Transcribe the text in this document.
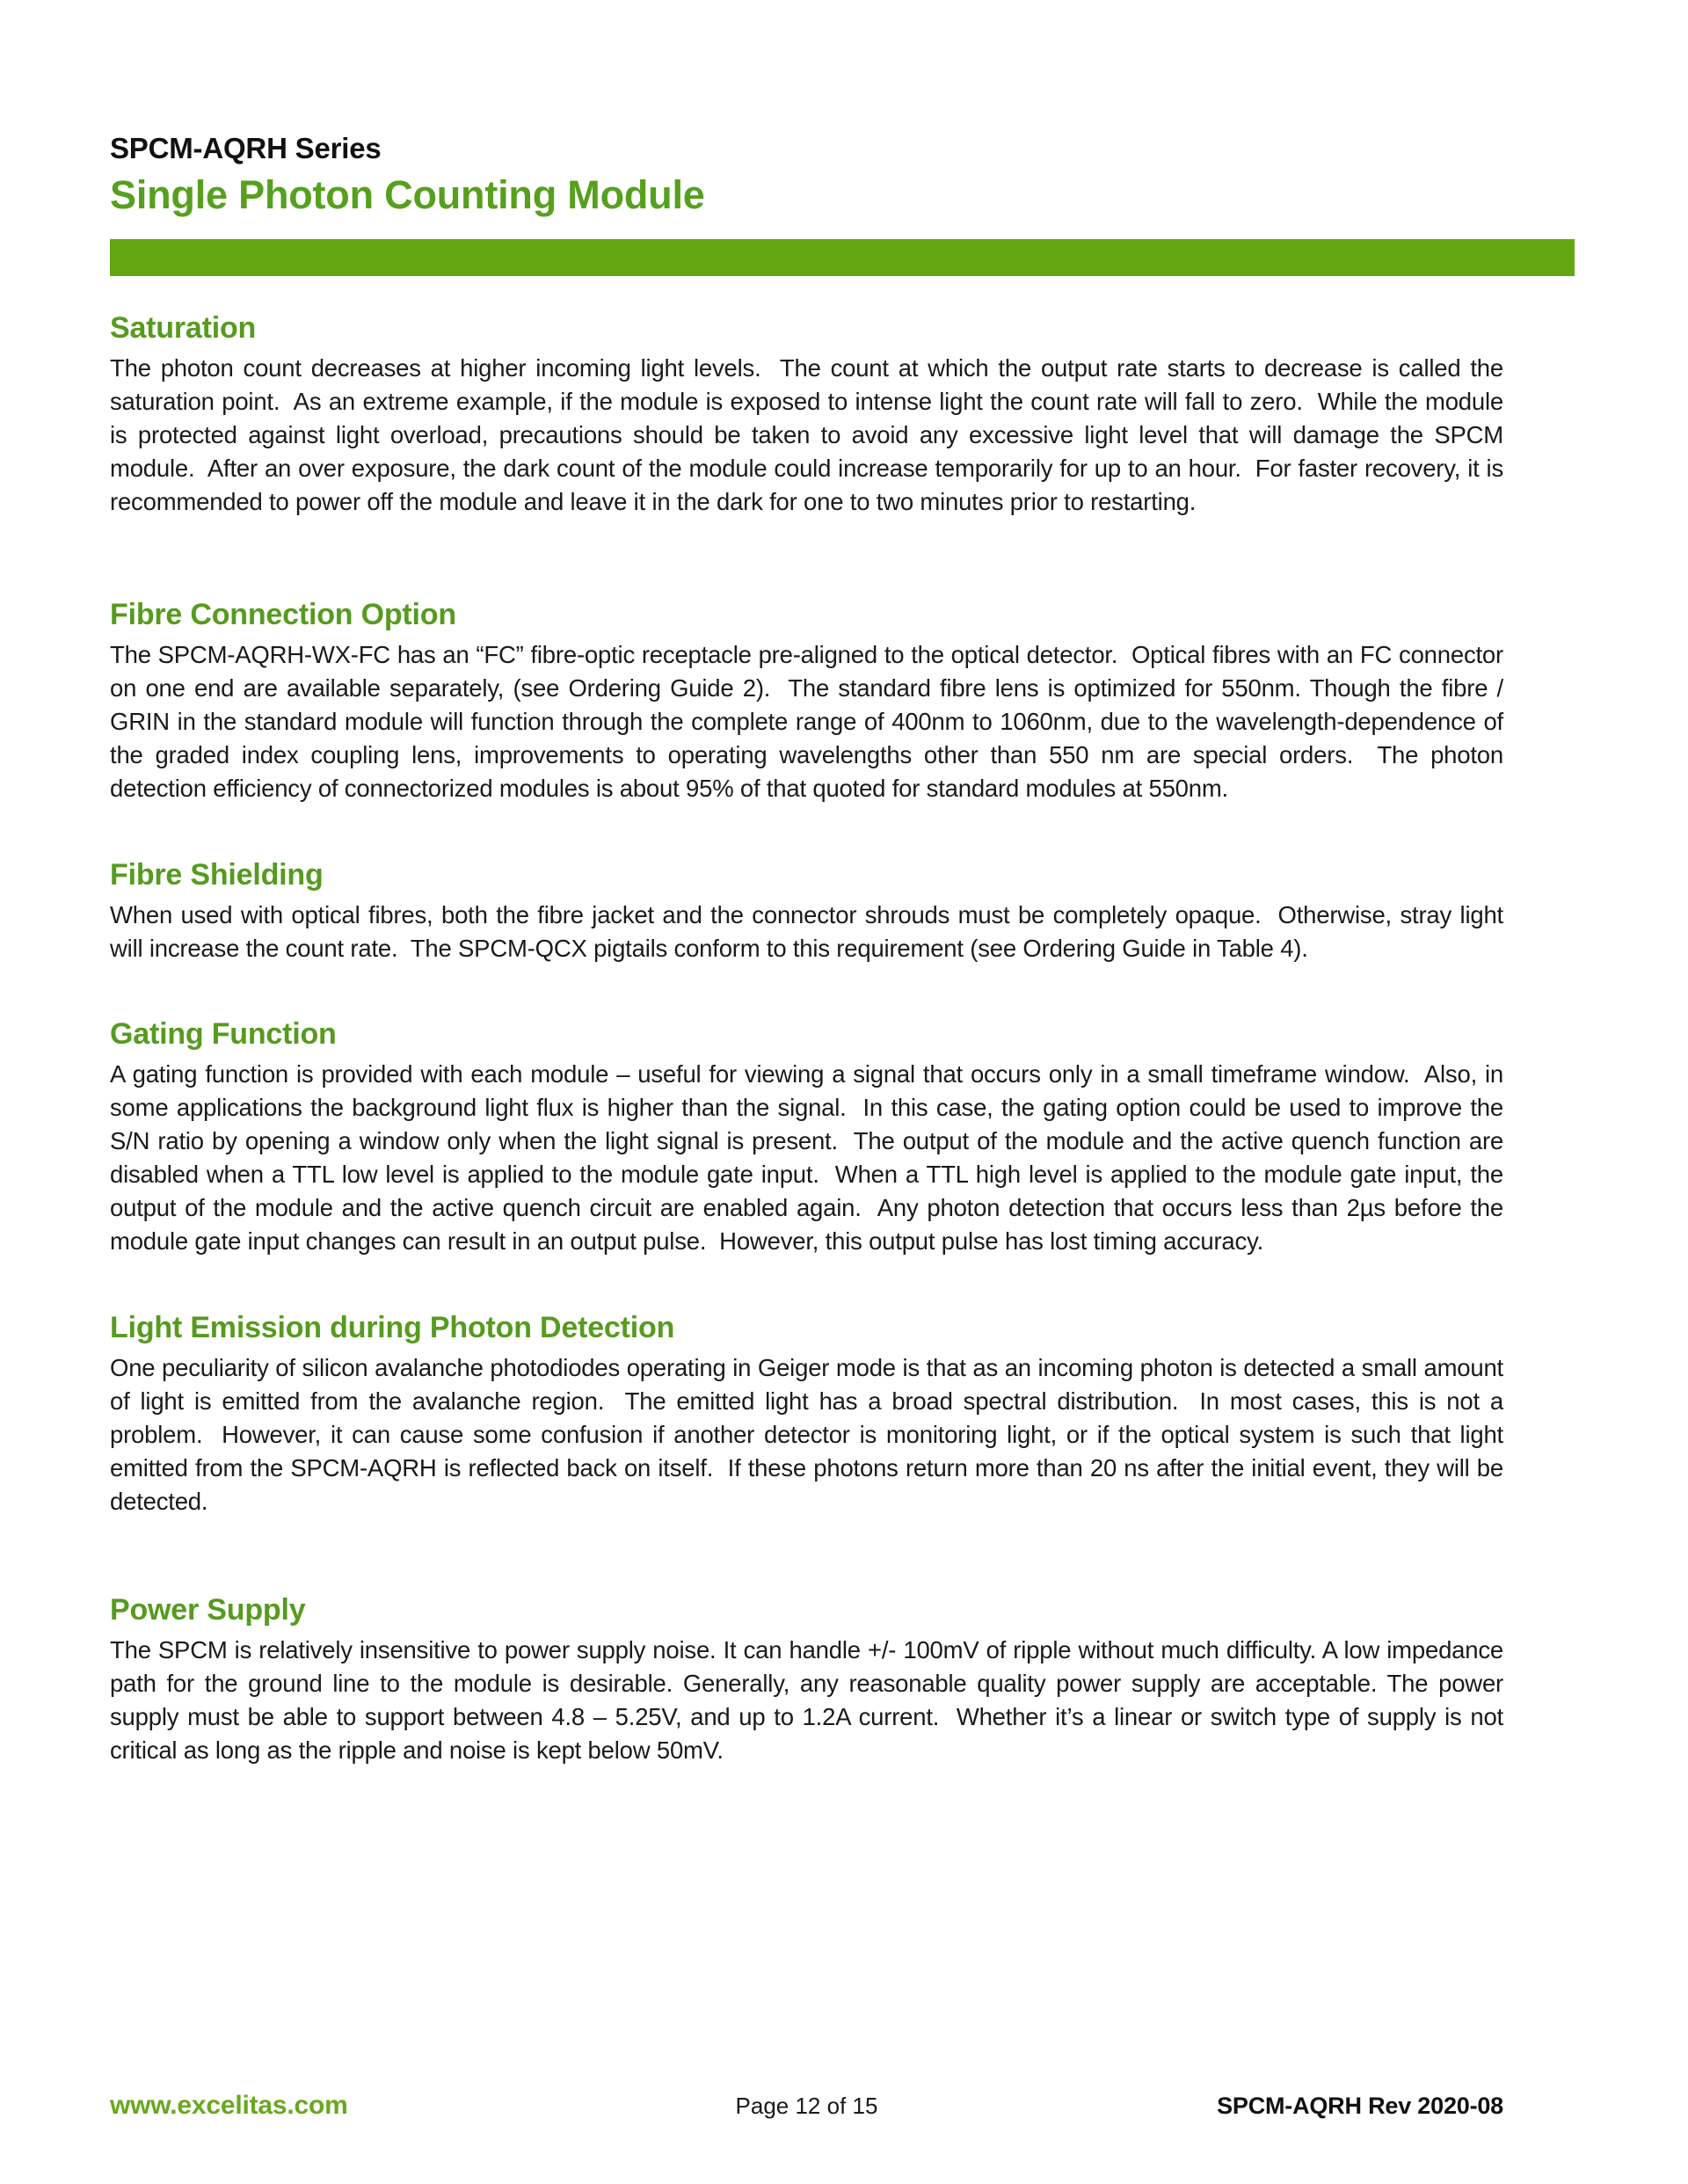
SPCM-AQRH Series
Single Photon Counting Module
Saturation

The photon count decreases at higher incoming light levels.  The count at which the output rate starts to decrease is called the saturation point.  As an extreme example, if the module is exposed to intense light the count rate will fall to zero.  While the module is protected against light overload, precautions should be taken to avoid any excessive light level that will damage the SPCM module.  After an over exposure, the dark count of the module could increase temporarily for up to an hour.  For faster recovery, it is recommended to power off the module and leave it in the dark for one to two minutes prior to restarting.

Fibre Connection Option

The SPCM-AQRH-WX-FC has an “FC” fibre-optic receptacle pre-aligned to the optical detector.  Optical fibres with an FC connector on one end are available separately, (see Ordering Guide 2).  The standard fibre lens is optimized for 550nm. Though the fibre / GRIN in the standard module will function through the complete range of 400nm to 1060nm, due to the wavelength-dependence of the graded index coupling lens, improvements to operating wavelengths other than 550 nm are special orders.  The photon detection efficiency of connectorized modules is about 95% of that quoted for standard modules at 550nm.

Fibre Shielding

When used with optical fibres, both the fibre jacket and the connector shrouds must be completely opaque.  Otherwise, stray light will increase the count rate.  The SPCM-QCX pigtails conform to this requirement (see Ordering Guide in Table 4).

Gating Function

A gating function is provided with each module – useful for viewing a signal that occurs only in a small timeframe window.  Also, in some applications the background light flux is higher than the signal.  In this case, the gating option could be used to improve the S/N ratio by opening a window only when the light signal is present.  The output of the module and the active quench function are disabled when a TTL low level is applied to the module gate input.  When a TTL high level is applied to the module gate input, the output of the module and the active quench circuit are enabled again.  Any photon detection that occurs less than 2µs before the module gate input changes can result in an output pulse.  However, this output pulse has lost timing accuracy.

Light Emission during Photon Detection

One peculiarity of silicon avalanche photodiodes operating in Geiger mode is that as an incoming photon is detected a small amount of light is emitted from the avalanche region.  The emitted light has a broad spectral distribution.  In most cases, this is not a problem.  However, it can cause some confusion if another detector is monitoring light, or if the optical system is such that light emitted from the SPCM-AQRH is reflected back on itself.  If these photons return more than 20 ns after the initial event, they will be detected.

Power Supply

The SPCM is relatively insensitive to power supply noise. It can handle +/- 100mV of ripple without much difficulty. A low impedance path for the ground line to the module is desirable. Generally, any reasonable quality power supply are acceptable. The power supply must be able to support between 4.8 – 5.25V, and up to 1.2A current.  Whether it’s a linear or switch type of supply is not critical as long as the ripple and noise is kept below 50mV.

www.excelitas.com	Page 12 of 15	SPCM-AQRH Rev 2020-08
